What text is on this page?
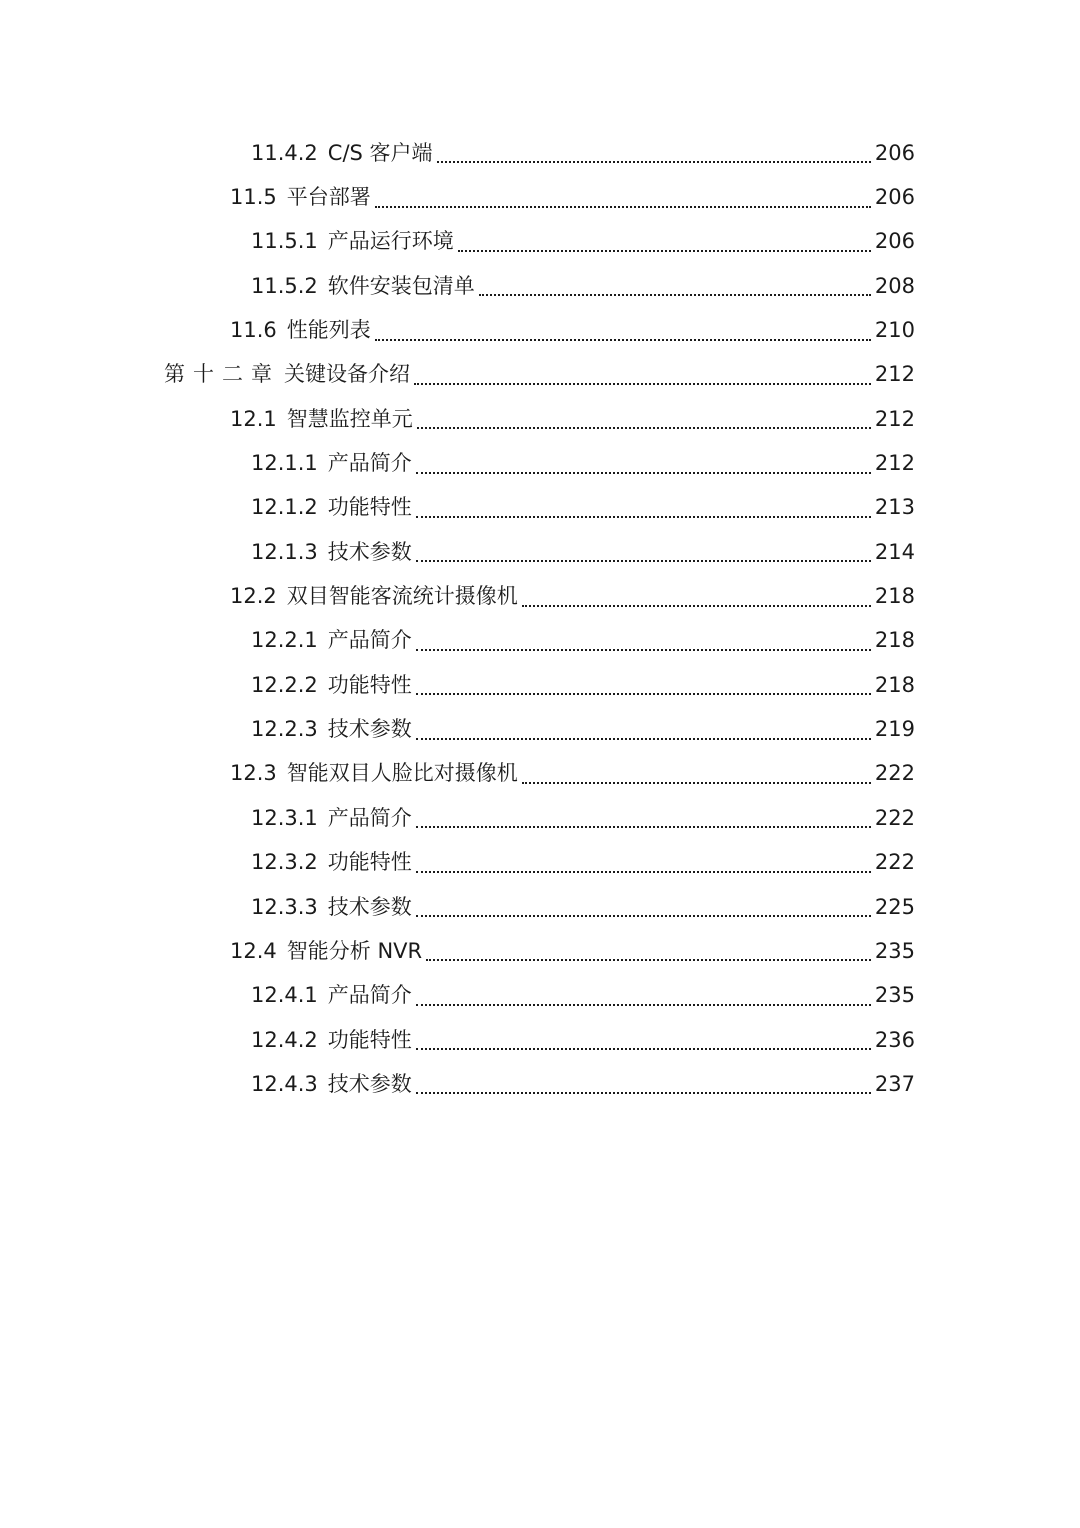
11.4.2 C/S 客户端	206
11.5 平台部署	206
11.5.1 产品运行环境	206
11.5.2 软件安装包清单	208
11.6 性能列表	210
第十二章 关键设备介绍	212
12.1 智慧监控单元	212
12.1.1 产品简介	212
12.1.2 功能特性	213
12.1.3 技术参数	214
12.2 双目智能客流统计摄像机	218
12.2.1 产品简介	218
12.2.2 功能特性	218
12.2.3 技术参数	219
12.3 智能双目人脸比对摄像机	222
12.3.1 产品简介	222
12.3.2 功能特性	222
12.3.3 技术参数	225
12.4 智能分析 NVR	235
12.4.1 产品简介	235
12.4.2 功能特性	236
12.4.3 技术参数	237
